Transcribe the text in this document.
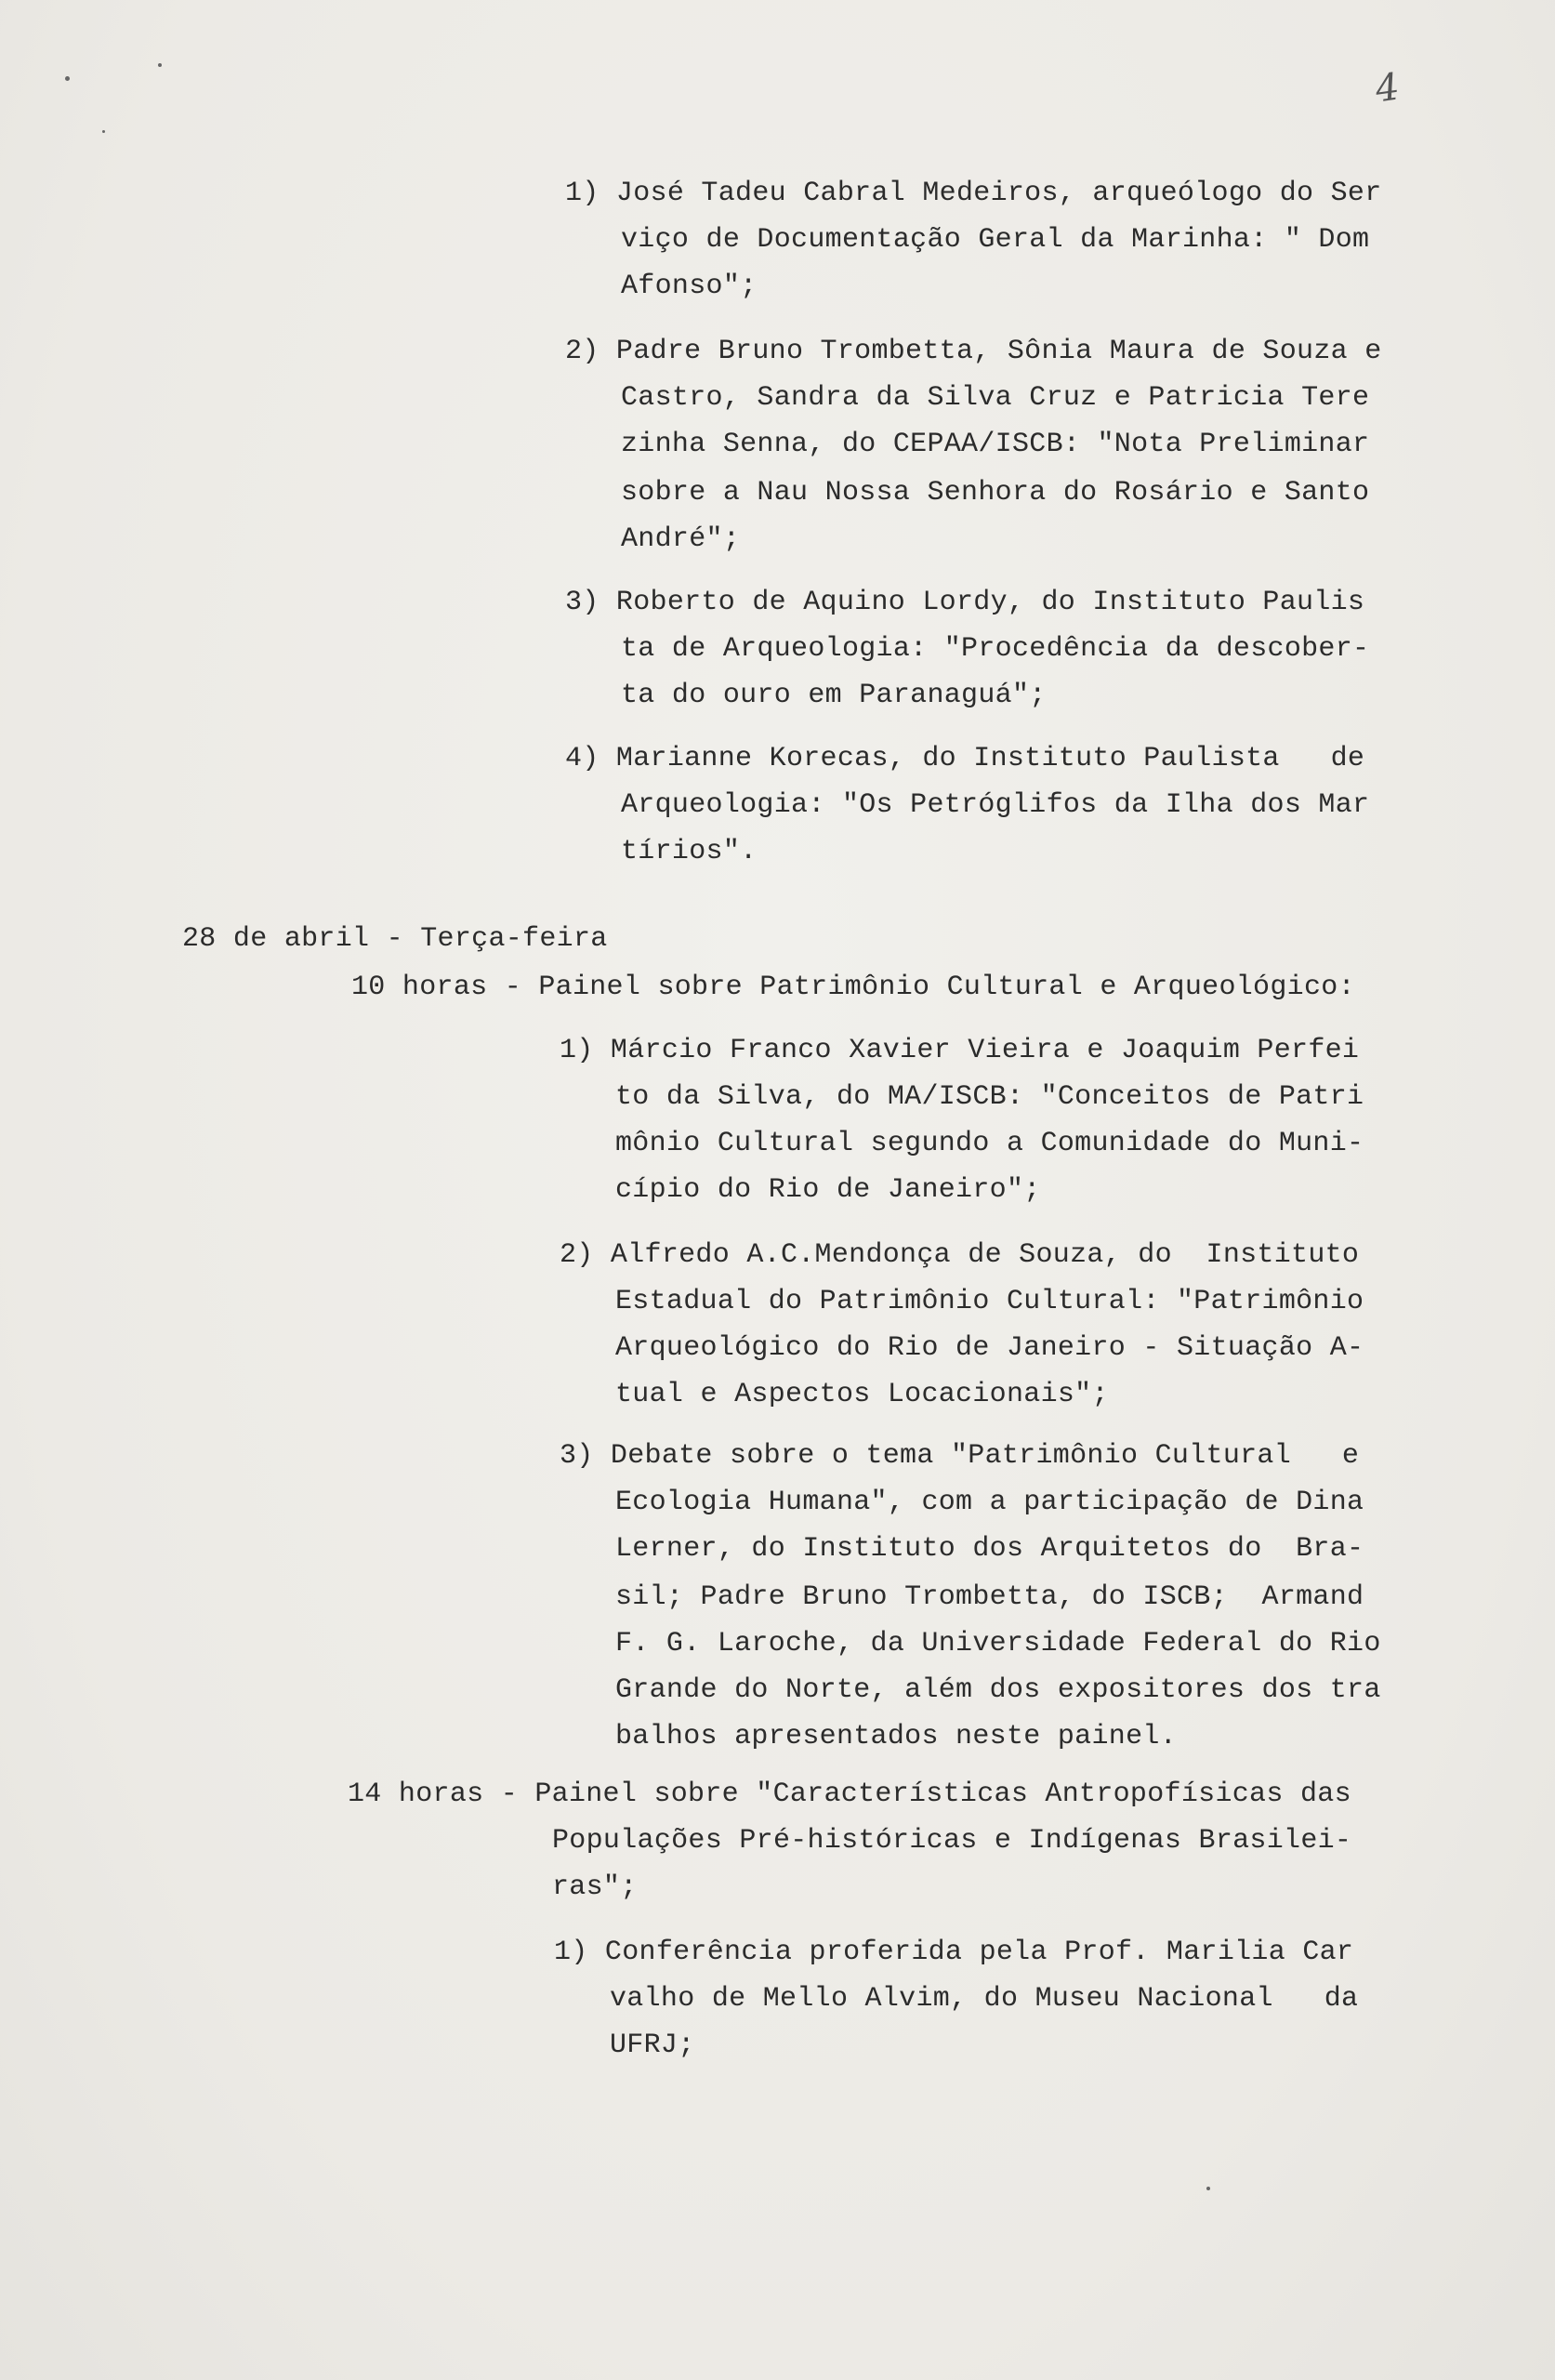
4
1) José Tadeu Cabral Medeiros, arqueólogo do Ser
viço de Documentação Geral da Marinha: " Dom
Afonso";
2) Padre Bruno Trombetta, Sônia Maura de Souza e
Castro, Sandra da Silva Cruz e Patricia Tere
zinha Senna, do CEPAA/ISCB: "Nota Preliminar
sobre a Nau Nossa Senhora do Rosário e Santo
André";
3) Roberto de Aquino Lordy, do Instituto Paulis
ta de Arqueologia: "Procedência da descober-
ta do ouro em Paranaguá";
4) Marianne Korecas, do Instituto Paulista   de
Arqueologia: "Os Petróglifos da Ilha dos Mar
tírios".
28 de abril - Terça-feira
10 horas - Painel sobre Patrimônio Cultural e Arqueológico:
1) Márcio Franco Xavier Vieira e Joaquim Perfei
to da Silva, do MA/ISCB: "Conceitos de Patri
mônio Cultural segundo a Comunidade do Muni-
cípio do Rio de Janeiro";
2) Alfredo A.C.Mendonça de Souza, do  Instituto
Estadual do Patrimônio Cultural: "Patrimônio
Arqueológico do Rio de Janeiro - Situação A-
tual e Aspectos Locacionais";
3) Debate sobre o tema "Patrimônio Cultural   e
Ecologia Humana", com a participação de Dina
Lerner, do Instituto dos Arquitetos do  Bra-
sil; Padre Bruno Trombetta, do ISCB;  Armand
F. G. Laroche, da Universidade Federal do Rio
Grande do Norte, além dos expositores dos tra
balhos apresentados neste painel.
14 horas - Painel sobre "Características Antropofísicas das
Populações Pré-históricas e Indígenas Brasilei-
ras";
1) Conferência proferida pela Prof. Marilia Car
valho de Mello Alvim, do Museu Nacional   da
UFRJ;
